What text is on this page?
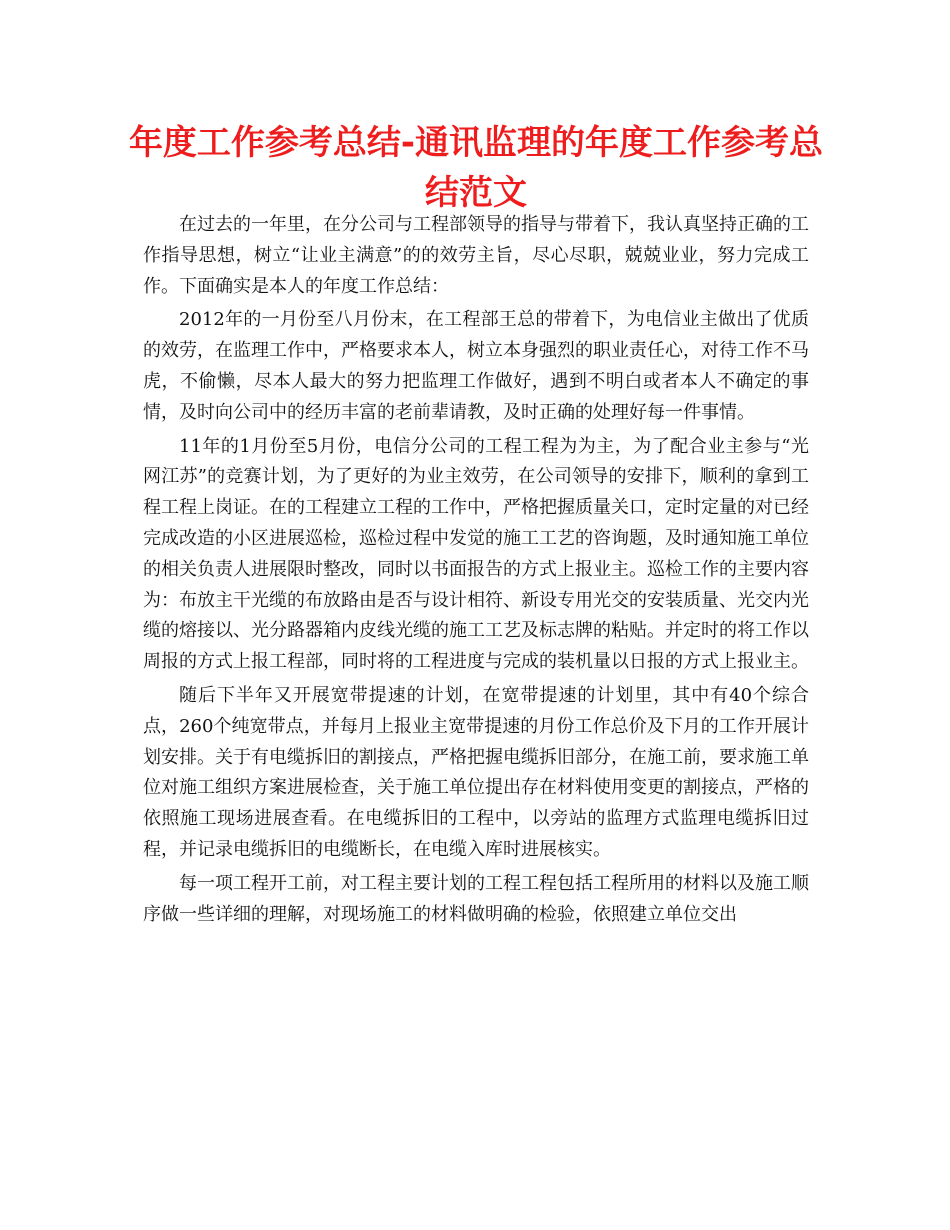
年度工作参考总结-通讯监理的年度工作参考总结范文

在过去的一年里，在分公司与工程部领导的指导与带着下，我认真坚持正确的工作指导思想，树立“让业主满意”的的效劳主旨，尽心尽职，兢兢业业，努力完成工作。下面确实是本人的年度工作总结：

2012年的一月份至八月份末，在工程部王总的带着下，为电信业主做出了优质的效劳，在监理工作中，严格要求本人，树立本身强烈的职业责任心，对待工作不马虎，不偷懒，尽本人最大的努力把监理工作做好，遇到不明白或者本人不确定的事情，及时向公司中的经历丰富的老前辈请教，及时正确的处理好每一件事情。

11年的1月份至5月份，电信分公司的工程工程为为主，为了配合业主参与“光网江苏”的竞赛计划，为了更好的为业主效劳，在公司领导的安排下，顺利的拿到工程工程上岗证。在的工程建立工程的工作中，严格把握质量关口，定时定量的对已经完成改造的小区进展巡检，巡检过程中发觉的施工工艺的咨询题，及时通知施工单位的相关负责人进展限时整改，同时以书面报告的方式上报业主。巡检工作的主要内容为：布放主干光缆的布放路由是否与设计相符、新设专用光交的安装质量、光交内光缆的熔接以、光分路器箱内皮线光缆的施工工艺及标志牌的粘贴。并定时的将工作以周报的方式上报工程部，同时将的工程进度与完成的装机量以日报的方式上报业主。

随后下半年又开展宽带提速的计划，在宽带提速的计划里，其中有40个综合点，260个纯宽带点，并每月上报业主宽带提速的月份工作总价及下月的工作开展计划安排。关于有电缆拆旧的割接点，严格把握电缆拆旧部分，在施工前，要求施工单位对施工组织方案进展检查，关于施工单位提出存在材料使用变更的割接点，严格的依照施工现场进展查看。在电缆拆旧的工程中，以旁站的监理方式监理电缆拆旧过程，并记录电缆拆旧的电缆断长，在电缆入库时进展核实。

每一项工程开工前，对工程主要计划的工程工程包括工程所用的材料以及施工顺序做一些详细的理解，对现场施工的材料做明确的检验，依照建立单位交出
